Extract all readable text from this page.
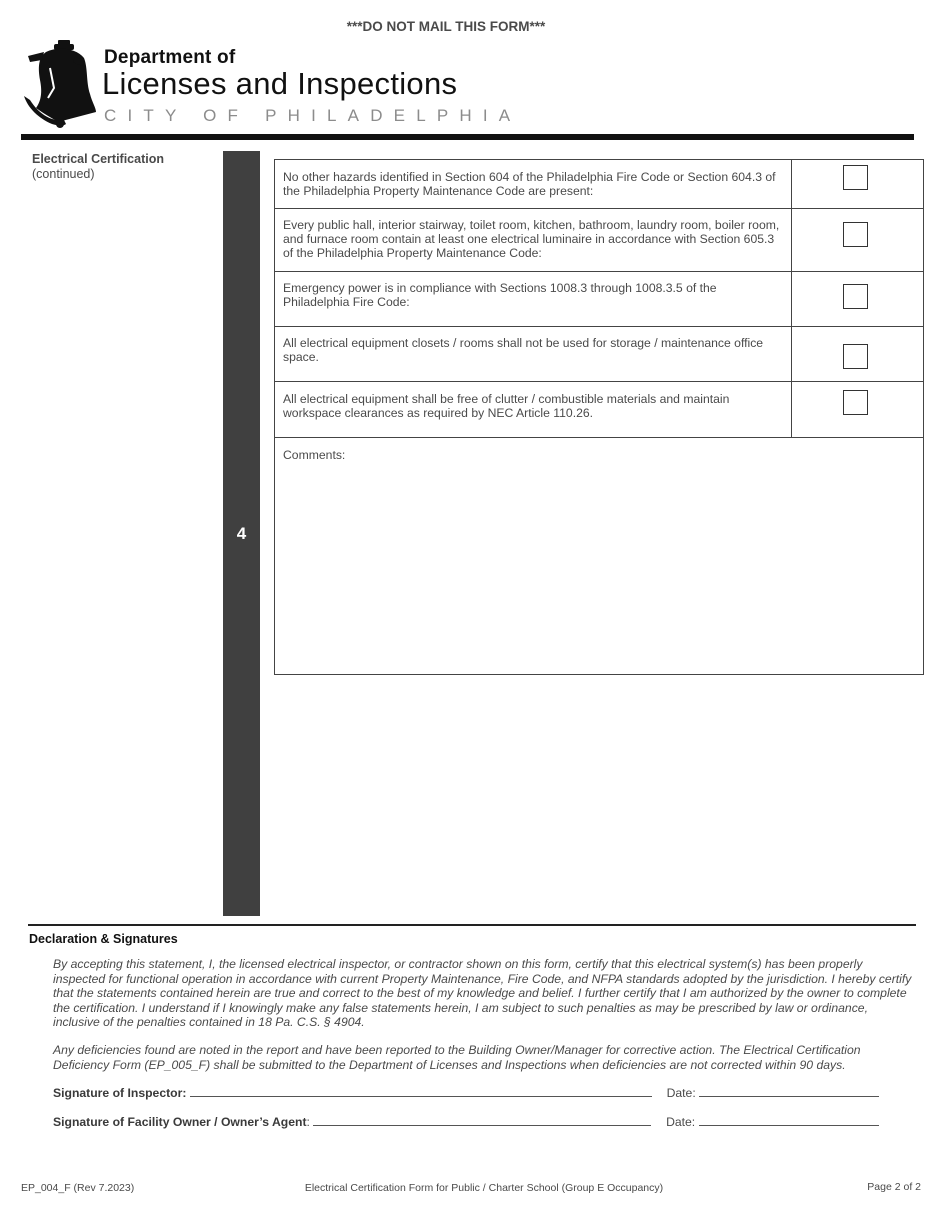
***DO NOT MAIL THIS FORM***
Department of
Licenses and Inspections
CITY OF PHILADELPHIA
Electrical Certification
(continued)
4
No other hazards identified in Section 604 of the Philadelphia Fire Code or Section 604.3 of the Philadelphia Property Maintenance Code are present:
Every public hall, interior stairway, toilet room, kitchen, bathroom, laundry room, boiler room, and furnace room contain at least one electrical luminaire in accordance with Section 605.3 of the Philadelphia Property Maintenance Code:
Emergency power is in compliance with Sections 1008.3 through 1008.3.5 of the Philadelphia Fire Code:
All electrical equipment closets / rooms shall not be used for storage / maintenance office space.
All electrical equipment shall be free of clutter / combustible materials and maintain workspace clearances as required by NEC Article 110.26.
Comments:
Declaration & Signatures
By accepting this statement, I, the licensed electrical inspector, or contractor shown on this form, certify that this electrical system(s) has been properly inspected for functional operation in accordance with current Property Maintenance, Fire Code, and NFPA standards adopted by the jurisdiction. I hereby certify that the statements contained herein are true and correct to the best of my knowledge and belief. I further certify that I am authorized by the owner to complete the certification. I understand if I knowingly make any false statements herein, I am subject to such penalties as may be prescribed by law or ordinance, inclusive of the penalties contained in 18 Pa. C.S. § 4904.
Any deficiencies found are noted in the report and have been reported to the Building Owner/Manager for corrective action. The Electrical Certification Deficiency Form (EP_005_F) shall be submitted to the Department of Licenses and Inspections when deficiencies are not corrected within 90 days.
Signature of Inspector:	Date:
Signature of Facility Owner / Owner’s Agent:	Date:
EP_004_F (Rev 7.2023)	Electrical Certification Form for Public / Charter School (Group E Occupancy)	Page 2 of 2
